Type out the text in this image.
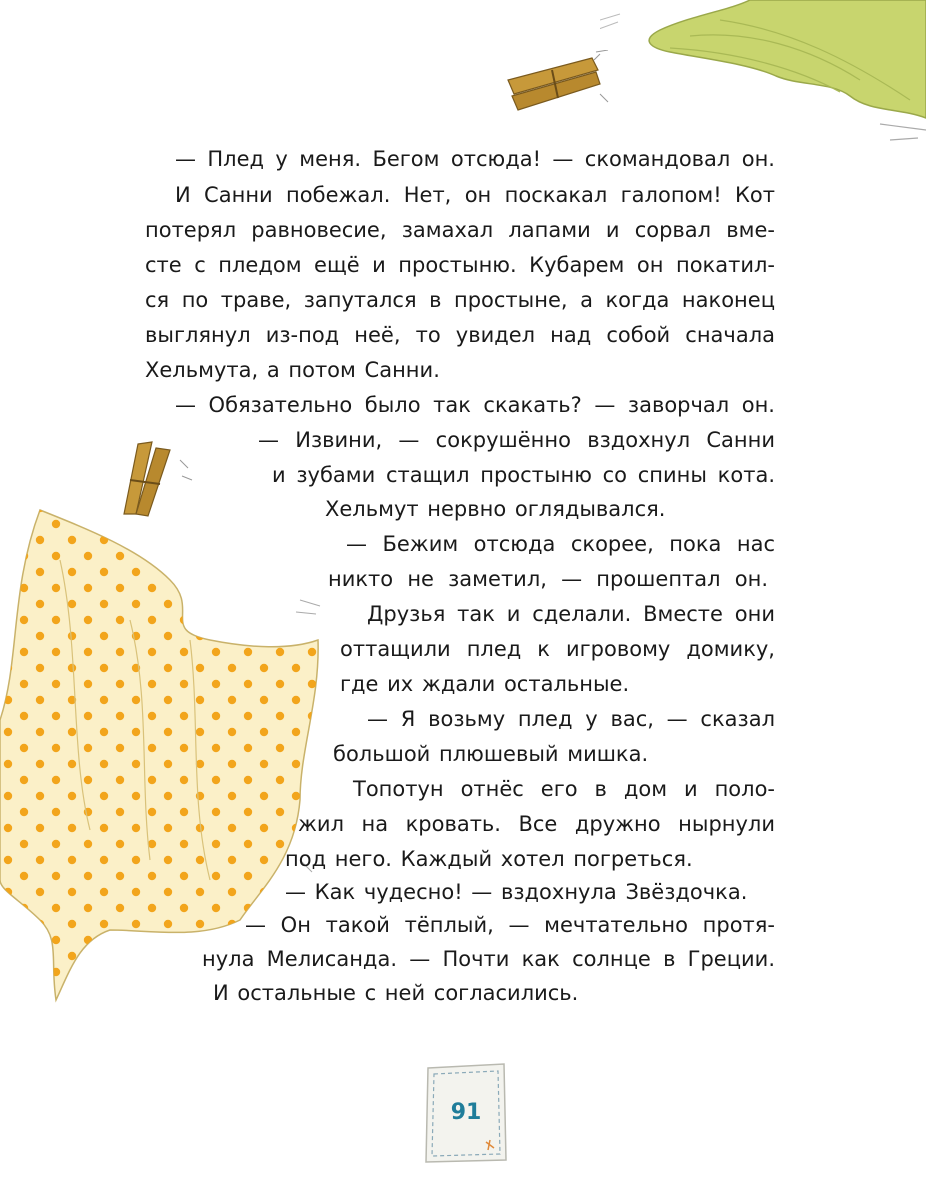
— Плед у меня. Бегом отсюда! — скомандовал он.
И Санни побежал. Нет, он поскакал галопом! Кот
потерял равновесие, замахал лапами и сорвал вме-
сте с пледом ещё и простыню. Кубарем он покатил-
ся по траве, запутался в простыне, а когда наконец
выглянул из-под неё, то увидел над собой сначала
Хельмута, а потом Санни.
— Обязательно было так скакать? — заворчал он.
— Извини, — сокрушённо вздохнул Санни
и зубами стащил простыню со спины кота.
Хельмут нервно оглядывался.
— Бежим отсюда скорее, пока нас
никто не заметил, — прошептал он.
Друзья так и сделали. Вместе они
оттащили плед к игровому домику,
где их ждали остальные.
— Я возьму плед у вас, — сказал
большой плюшевый мишка.
Топотун отнёс его в дом и поло-
жил на кровать. Все дружно нырнули
под него. Каждый хотел погреться.
— Как чудесно! — вздохнула Звёздочка.
— Он такой тёплый, — мечтательно протя-
нула Мелисанда. — Почти как солнце в Греции.
И остальные с ней согласились.
91
